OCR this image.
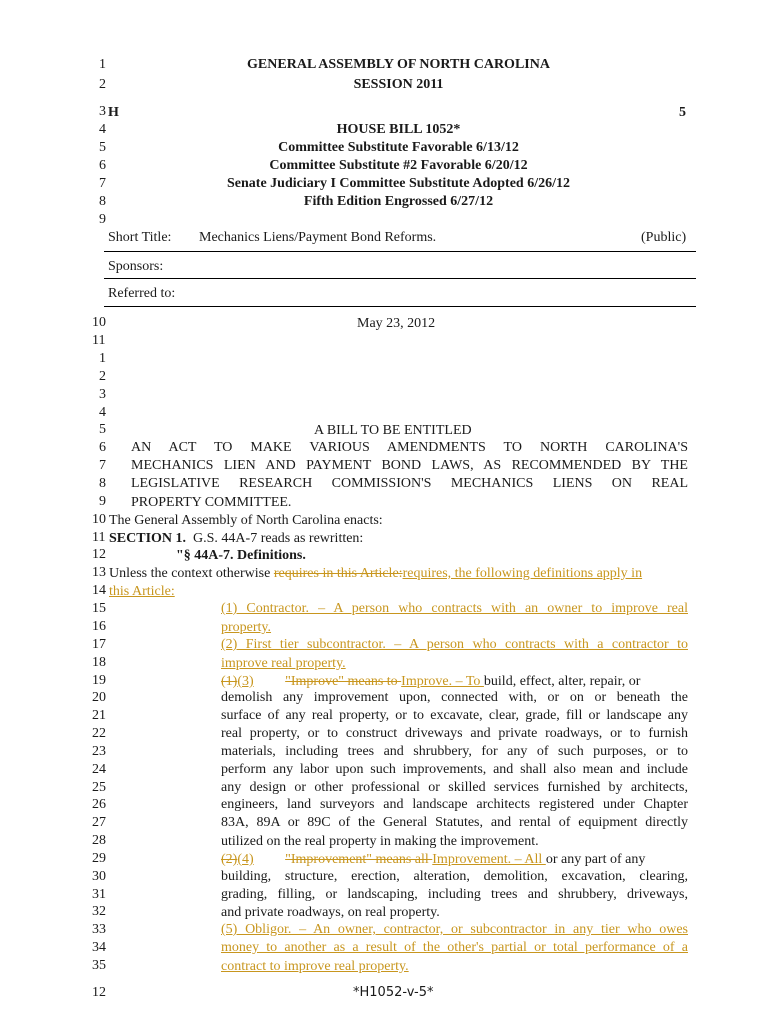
1
2
3
4
5
6
7
8
9
GENERAL ASSEMBLY OF NORTH CAROLINA
SESSION 2011
H	5
HOUSE BILL 1052*
Committee Substitute Favorable 6/13/12
Committee Substitute #2 Favorable 6/20/12
Senate Judiciary I Committee Substitute Adopted 6/26/12
Fifth Edition Engrossed 6/27/12
Short Title: Mechanics Liens/Payment Bond Reforms.	(Public)
Sponsors:
Referred to:
10
11
1
2
3
4
5
6
7
8
9
May 23, 2012
A BILL TO BE ENTITLED
AN ACT TO MAKE VARIOUS AMENDMENTS TO NORTH CAROLINA'S
MECHANICS LIEN AND PAYMENT BOND LAWS, AS RECOMMENDED BY THE
LEGISLATIVE RESEARCH COMMISSION'S MECHANICS LIENS ON REAL
PROPERTY COMMITTEE.
10
11
12
13
14
15
16
17
18
19
20
21
22
23
24
25
26
27
28
29
30
31
32
33
34
35
The General Assembly of North Carolina enacts:
SECTION 1. G.S. 44A-7 reads as rewritten:
"§ 44A-7. Definitions.
Unless the context otherwise requires in this Article:requires, the following definitions apply in
this Article:
(1) Contractor. – A person who contracts with an owner to improve real
property.
(2) First tier subcontractor. – A person who contracts with a contractor to
improve real property.
(1)(3) "Improve" means to Improve. – To build, effect, alter, repair, or
demolish any improvement upon, connected with, or on or beneath the
surface of any real property, or to excavate, clear, grade, fill or landscape any
real property, or to construct driveways and private roadways, or to furnish
materials, including trees and shrubbery, for any of such purposes, or to
perform any labor upon such improvements, and shall also mean and include
any design or other professional or skilled services furnished by architects,
engineers, land surveyors and landscape architects registered under Chapter
83A, 89A or 89C of the General Statutes, and rental of equipment directly
utilized on the real property in making the improvement.
(2)(4) "Improvement" means all Improvement. – All or any part of any
building, structure, erection, alteration, demolition, excavation, clearing,
grading, filling, or landscaping, including trees and shrubbery, driveways,
and private roadways, on real property.
(5) Obligor. – An owner, contractor, or subcontractor in any tier who owes
money to another as a result of the other's partial or total performance of a
contract to improve real property.
12	*H1052-v-5*
